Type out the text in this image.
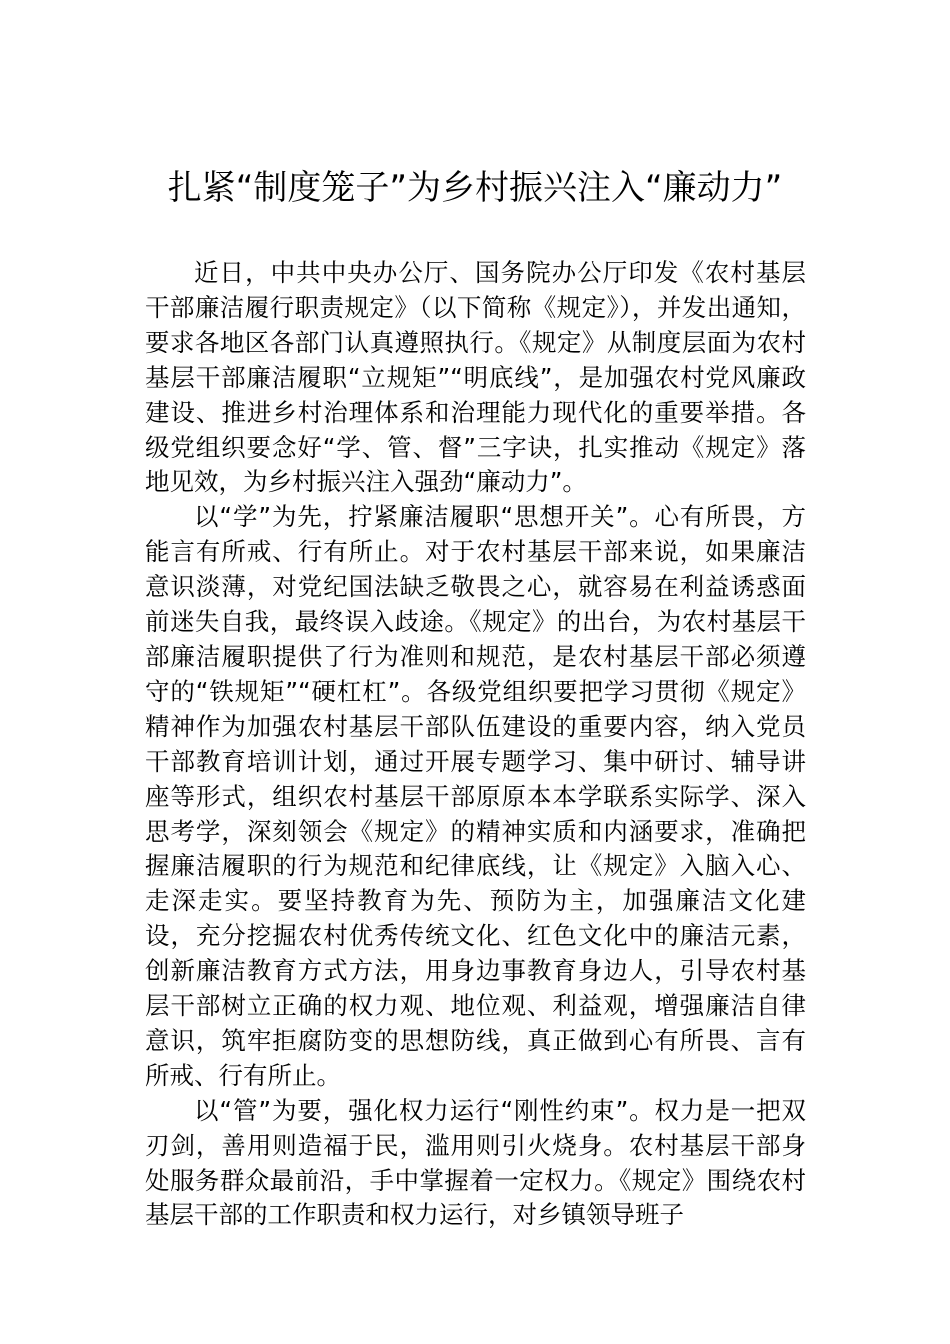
扎紧“制度笼子”为乡村振兴注入“廉动力”

近日，中共中央办公厅、国务院办公厅印发《农村基层干部廉洁履行职责规定》（以下简称《规定》），并发出通知，要求各地区各部门认真遵照执行。《规定》从制度层面为农村基层干部廉洁履职“立规矩”“明底线”，是加强农村党风廉政建设、推进乡村治理体系和治理能力现代化的重要举措。各级党组织要念好“学、管、督”三字诀，扎实推动《规定》落地见效，为乡村振兴注入强劲“廉动力”。

以“学”为先，拧紧廉洁履职“思想开关”。心有所畏，方能言有所戒、行有所止。对于农村基层干部来说，如果廉洁意识淡薄，对党纪国法缺乏敬畏之心，就容易在利益诱惑面前迷失自我，最终误入歧途。《规定》的出台，为农村基层干部廉洁履职提供了行为准则和规范，是农村基层干部必须遵守的“铁规矩”“硬杠杠”。各级党组织要把学习贯彻《规定》精神作为加强农村基层干部队伍建设的重要内容，纳入党员干部教育培训计划，通过开展专题学习、集中研讨、辅导讲座等形式，组织农村基层干部原原本本学联系实际学、深入思考学，深刻领会《规定》的精神实质和内涵要求，准确把握廉洁履职的行为规范和纪律底线，让《规定》入脑入心、走深走实。要坚持教育为先、预防为主，加强廉洁文化建设，充分挖掘农村优秀传统文化、红色文化中的廉洁元素，创新廉洁教育方式方法，用身边事教育身边人，引导农村基层干部树立正确的权力观、地位观、利益观，增强廉洁自律意识，筑牢拒腐防变的思想防线，真正做到心有所畏、言有所戒、行有所止。

以“管”为要，强化权力运行“刚性约束”。权力是一把双刃剑，善用则造福于民，滥用则引火烧身。农村基层干部身处服务群众最前沿，手中掌握着一定权力。《规定》围绕农村基层干部的工作职责和权力运行，对乡镇领导班子
